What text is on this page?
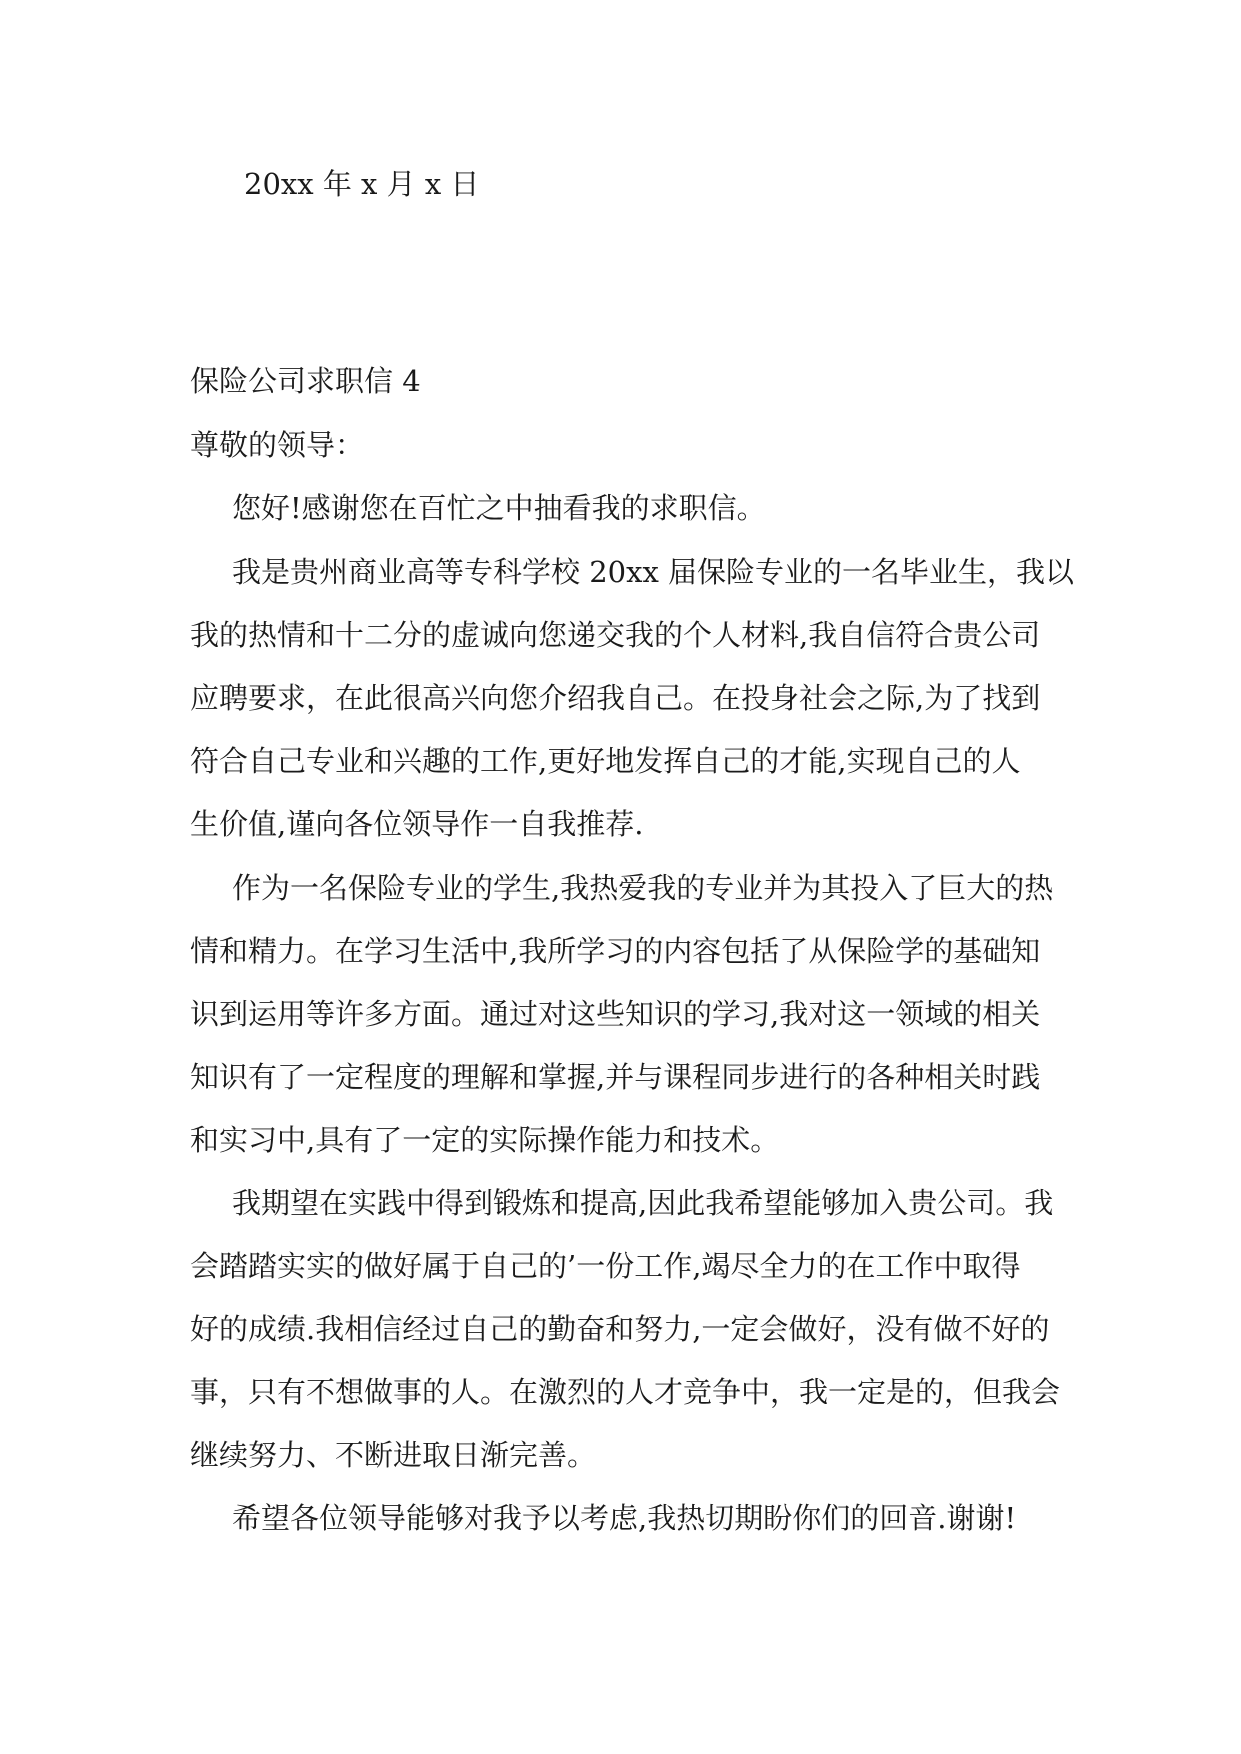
20xx 年 x 月 x 日

保险公司求职信 4

尊敬的领导：

您好!感谢您在百忙之中抽看我的求职信。

我是贵州商业高等专科学校 20xx 届保险专业的一名毕业生，我以

我的热情和十二分的虚诚向您递交我的个人材料,我自信符合贵公司

应聘要求，在此很高兴向您介绍我自己。在投身社会之际,为了找到

符合自己专业和兴趣的工作,更好地发挥自己的才能,实现自己的人

生价值,谨向各位领导作一自我推荐.

作为一名保险专业的学生,我热爱我的专业并为其投入了巨大的热

情和精力。在学习生活中,我所学习的内容包括了从保险学的基础知

识到运用等许多方面。通过对这些知识的学习,我对这一领域的相关

知识有了一定程度的理解和掌握,并与课程同步进行的各种相关时践

和实习中,具有了一定的实际操作能力和技术。

我期望在实践中得到锻炼和提高,因此我希望能够加入贵公司。我

会踏踏实实的做好属于自己的’一份工作,竭尽全力的在工作中取得

好的成绩.我相信经过自己的勤奋和努力,一定会做好，没有做不好的

事，只有不想做事的人。在激烈的人才竞争中，我一定是的，但我会

继续努力、不断进取日渐完善。

希望各位领导能够对我予以考虑,我热切期盼你们的回音.谢谢!
